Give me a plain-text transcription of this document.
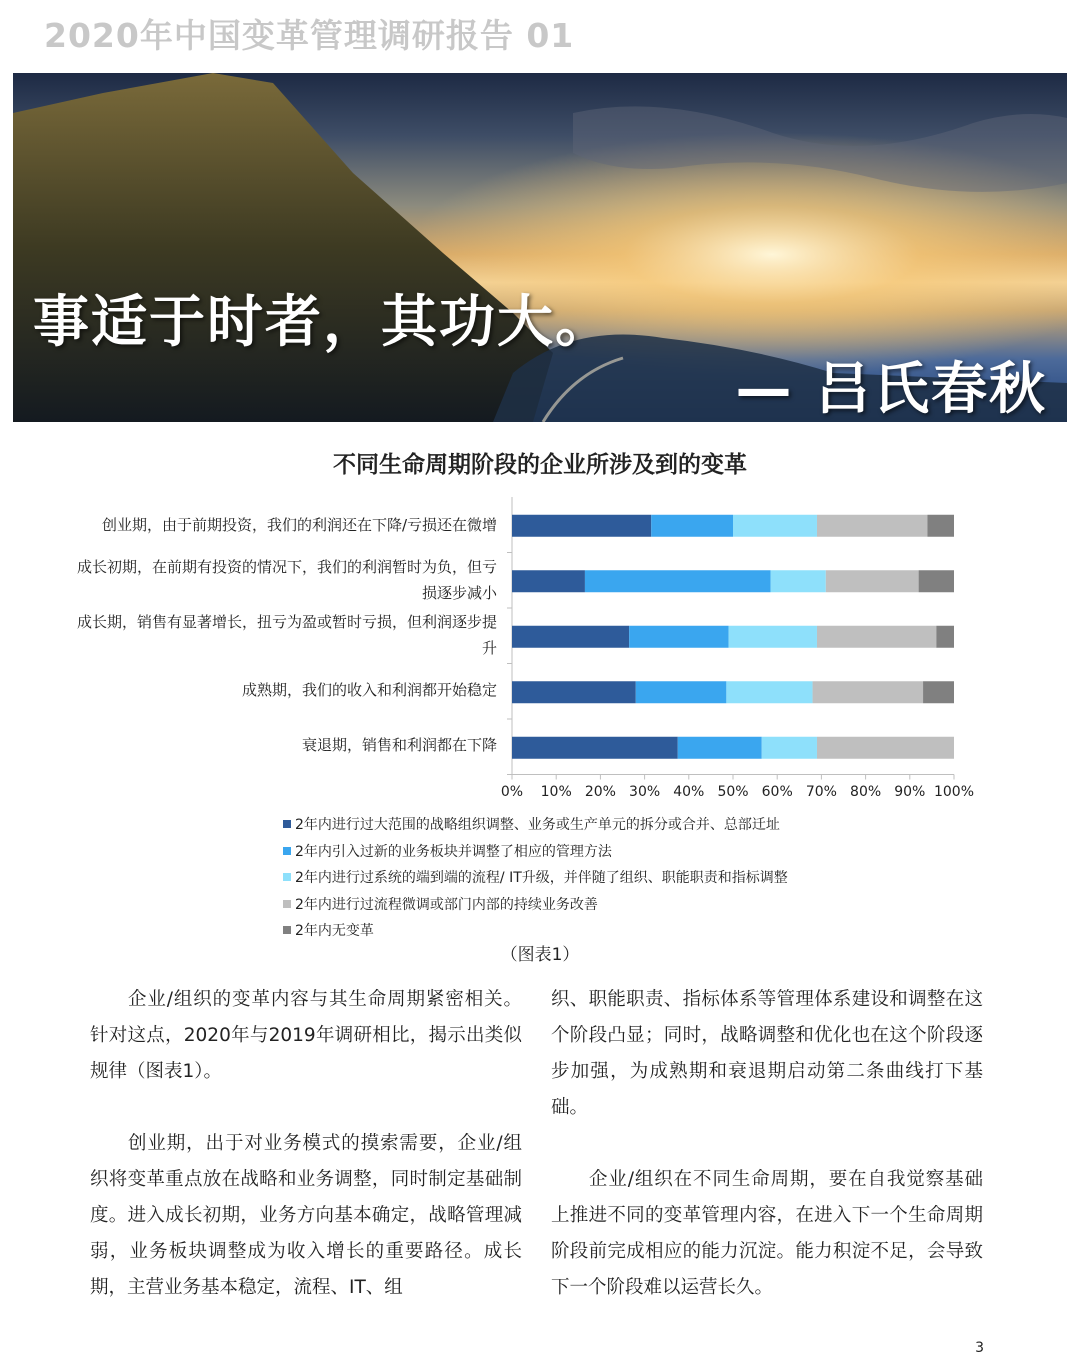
2020年中国变革管理调研报告 01
事适于时者，其功大。
— 吕氏春秋
不同生命周期阶段的企业所涉及到的变革
创业期，由于前期投资，我们的利润还在下降/亏损还在微增
成长初期，在前期有投资的情况下，我们的利润暂时为负，但亏损逐步减小
成长期，销售有显著增长，扭亏为盈或暂时亏损，但利润逐步提升
成熟期，我们的收入和利润都开始稳定
衰退期，销售和利润都在下降
0% 10% 20% 30% 40% 50% 60% 70% 80% 90% 100%
2年内进行过大范围的战略组织调整、业务或生产单元的拆分或合并、总部迁址
2年内引入过新的业务板块并调整了相应的管理方法
2年内进行过系统的端到端的流程/ IT升级，并伴随了组织、职能职责和指标调整
2年内进行过流程微调或部门内部的持续业务改善
2年内无变革
（图表1）

企业/组织的变革内容与其生命周期紧密相关。针对这点，2020年与2019年调研相比，揭示出类似规律（图表1）。

创业期，出于对业务模式的摸索需要，企业/组织将变革重点放在战略和业务调整，同时制定基础制度。进入成长初期，业务方向基本确定，战略管理减弱，业务板块调整成为收入增长的重要路径。成长期，主营业务基本稳定，流程、IT、组

织、职能职责、指标体系等管理体系建设和调整在这个阶段凸显；同时，战略调整和优化也在这个阶段逐步加强，为成熟期和衰退期启动第二条曲线打下基础。

企业/组织在不同生命周期，要在自我觉察基础上推进不同的变革管理内容，在进入下一个生命周期阶段前完成相应的能力沉淀。能力积淀不足，会导致下一个阶段难以运营长久。

3
